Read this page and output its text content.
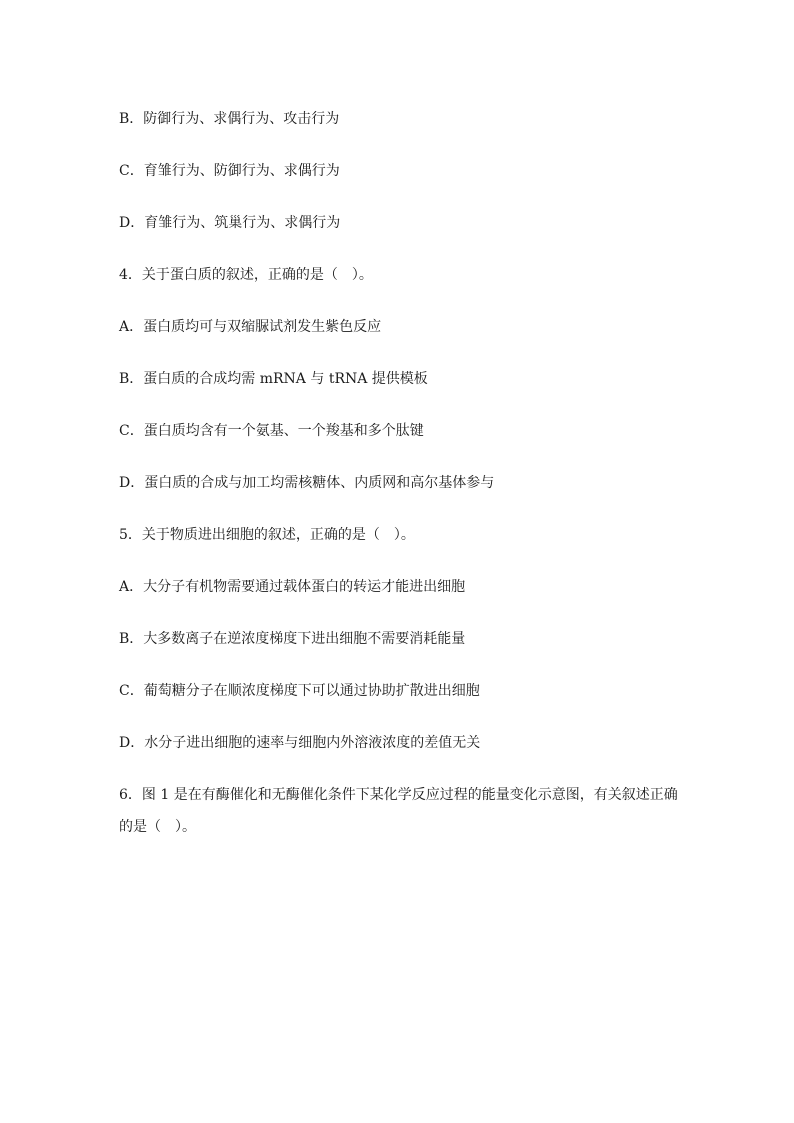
B．防御行为、求偶行为、攻击行为
C．育雏行为、防御行为、求偶行为
D．育雏行为、筑巢行为、求偶行为
4．关于蛋白质的叙述，正确的是（　）。
A．蛋白质均可与双缩脲试剂发生紫色反应
B．蛋白质的合成均需 mRNA 与 tRNA 提供模板
C．蛋白质均含有一个氨基、一个羧基和多个肽键
D．蛋白质的合成与加工均需核糖体、内质网和高尔基体参与
5．关于物质进出细胞的叙述，正确的是（　）。
A．大分子有机物需要通过载体蛋白的转运才能进出细胞
B．大多数离子在逆浓度梯度下进出细胞不需要消耗能量
C．葡萄糖分子在顺浓度梯度下可以通过协助扩散进出细胞
D．水分子进出细胞的速率与细胞内外溶液浓度的差值无关
6．图 1 是在有酶催化和无酶催化条件下某化学反应过程的能量变化示意图，有关叙述正确
的是（　）。
